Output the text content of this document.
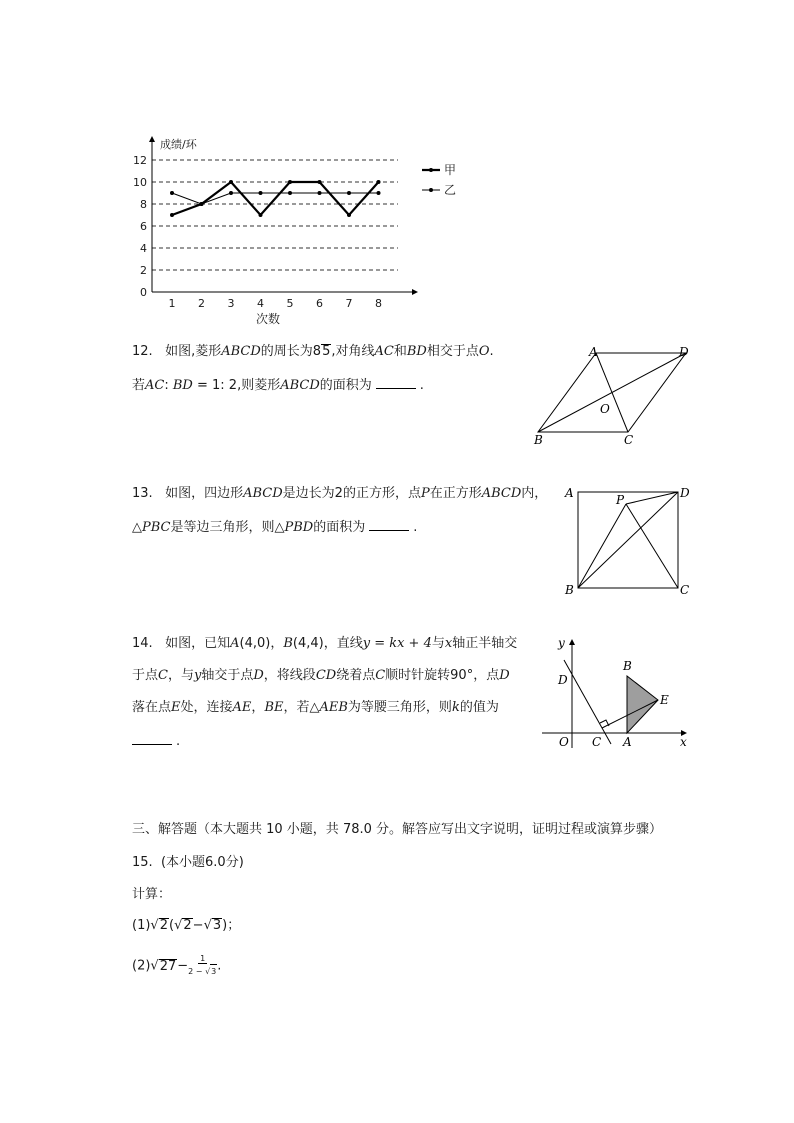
0
2
4
6
8
10
12
成绩/环
1 2 3 4 5 6 7 8
次数
甲
乙
12. 如图,菱形ABCD的周长为85,对角线AC和BD相交于点O.
若AC: BD = 1: 2,则菱形ABCD的面积为	.
A	D
B	C
O
13. 如图，四边形ABCD是边长为2的正方形，点P在正方形ABCD内，
△PBC是等边三角形，则△PBD的面积为	.
A	D
B	C
P
14. 如图，已知A(4,0)，B(4,4)，直线y = kx + 4与x轴正半轴交
于点C，与y轴交于点D，将线段CD绕着点C顺时针旋转90°，点D
落在点E处，连接AE，BE，若△AEB为等腰三角形，则k的值为
.
y
x
D
B
E
O C A
三、解答题（本大题共 10 小题，共 78.0 分。解答应写出文字说明，证明过程或演算步骤）
15. (本小题6.0分)
计算：
(1)√2(√2−√3)；
$(2)√27- \frac{1}{2 - √3}$ .
